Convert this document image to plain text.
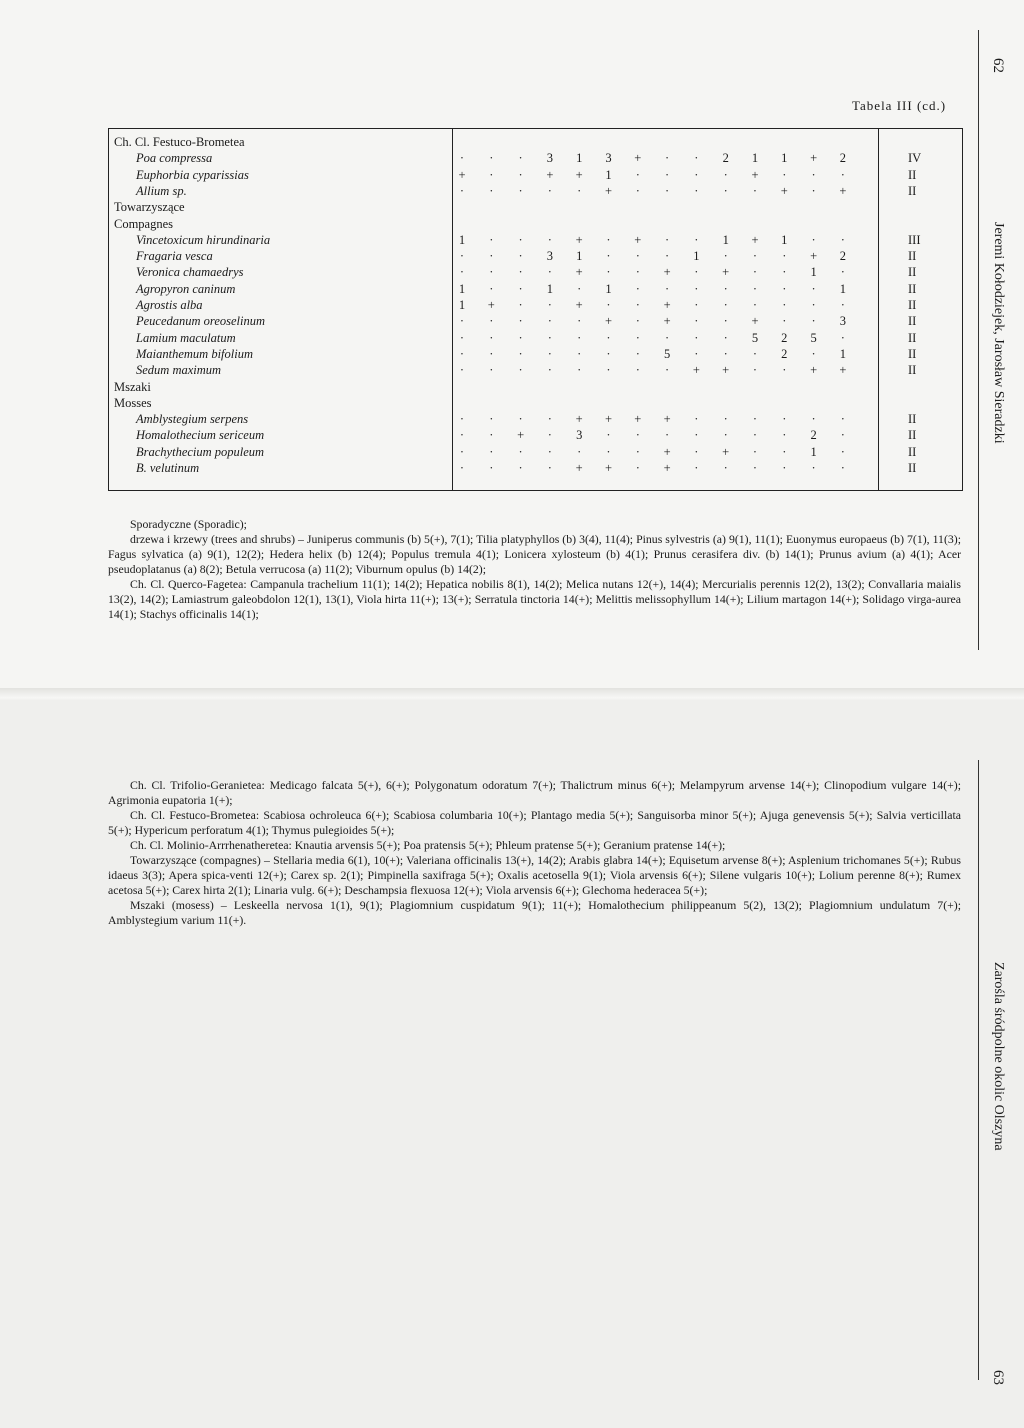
62
Jeremi Kołodziejek, Jarosław Sieradzki
Zarośla śródpolne okolic Olszyna
63
Tabela III (cd.)
Ch. Cl. Festuco-Brometea
Poa compressa	·	·	·	3	1	3	+	·	·	2	1	1	+	2	IV
Euphorbia cyparissias	+	·	·	+	+	1	·	·	·	·	+	·	·	·	II
Allium sp.	·	·	·	·	·	+	·	·	·	·	·	+	·	+	II
Towarzyszące
Compagnes
Vincetoxicum hirundinaria	1	·	·	·	+	·	+	·	·	1	+	1	·	·	III
Fragaria vesca	·	·	·	3	1	·	·	·	1	·	·	·	+	2	II
Veronica chamaedrys	·	·	·	·	+	·	·	+	·	+	·	·	1	·	II
Agropyron caninum	1	·	·	1	·	1	·	·	·	·	·	·	·	1	II
Agrostis alba	1	+	·	·	+	·	·	+	·	·	·	·	·	·	II
Peucedanum oreoselinum	·	·	·	·	·	+	·	+	·	·	+	·	·	3	II
Lamium maculatum	·	·	·	·	·	·	·	·	·	·	5	2	5	·	II
Maianthemum bifolium	·	·	·	·	·	·	·	5	·	·	·	2	·	1	II
Sedum maximum	·	·	·	·	·	·	·	·	+	+	·	·	+	+	II
Mszaki
Mosses
Amblystegium serpens	·	·	·	·	+	+	+	+	·	·	·	·	·	·	II
Homalothecium sericeum	·	·	+	·	3	·	·	·	·	·	·	·	2	·	II
Brachythecium populeum	·	·	·	·	·	·	·	+	·	+	·	·	1	·	II
B. velutinum	·	·	·	·	+	+	·	+	·	·	·	·	·	·	II

Sporadyczne (Sporadic);

drzewa i krzewy (trees and shrubs) – Juniperus communis (b) 5(+), 7(1); Tilia platyphyllos (b) 3(4), 11(4); Pinus sylvestris (a) 9(1), 11(1); Euonymus europaeus (b) 7(1), 11(3); Fagus sylvatica (a) 9(1), 12(2); Hedera helix (b) 12(4); Populus tremula 4(1); Lonicera xylosteum (b) 4(1); Prunus cerasifera div. (b) 14(1); Prunus avium (a) 4(1); Acer pseudoplatanus (a) 8(2); Betula verrucosa (a) 11(2); Viburnum opulus (b) 14(2);

Ch. Cl. Querco-Fagetea: Campanula trachelium 11(1); 14(2); Hepatica nobilis 8(1), 14(2); Melica nutans 12(+), 14(4); Mercurialis perennis 12(2), 13(2); Convallaria maialis 13(2), 14(2); Lamiastrum galeobdolon 12(1), 13(1), Viola hirta 11(+); 13(+); Serratula tinctoria 14(+); Melittis melissophyllum 14(+); Lilium martagon 14(+); Solidago virga-aurea 14(1); Stachys officinalis 14(1);

Ch. Cl. Trifolio-Geranietea: Medicago falcata 5(+), 6(+); Polygonatum odoratum 7(+); Thalictrum minus 6(+); Melampyrum arvense 14(+); Clinopodium vulgare 14(+); Agrimonia eupatoria 1(+);

Ch. Cl. Festuco-Brometea: Scabiosa ochroleuca 6(+); Scabiosa columbaria 10(+); Plantago media 5(+); Sanguisorba minor 5(+); Ajuga genevensis 5(+); Salvia verticillata 5(+); Hypericum perforatum 4(1); Thymus pulegioides 5(+);

Ch. Cl. Molinio-Arrrhenatheretea: Knautia arvensis 5(+); Poa pratensis 5(+); Phleum pratense 5(+); Geranium pratense 14(+);

Towarzyszące (compagnes) – Stellaria media 6(1), 10(+); Valeriana officinalis 13(+), 14(2); Arabis glabra 14(+); Equisetum arvense 8(+); Asplenium trichomanes 5(+); Rubus idaeus 3(3); Apera spica-venti 12(+); Carex sp. 2(1); Pimpinella saxifraga 5(+); Oxalis acetosella 9(1); Viola arvensis 6(+); Silene vulgaris 10(+); Lolium perenne 8(+); Rumex acetosa 5(+); Carex hirta 2(1); Linaria vulg. 6(+); Deschampsia flexuosa 12(+); Viola arvensis 6(+); Glechoma hederacea 5(+);

Mszaki (mosess) – Leskeella nervosa 1(1), 9(1); Plagiomnium cuspidatum 9(1); 11(+); Homalothecium philippeanum 5(2), 13(2); Plagiomnium undulatum 7(+); Amblystegium varium 11(+).
